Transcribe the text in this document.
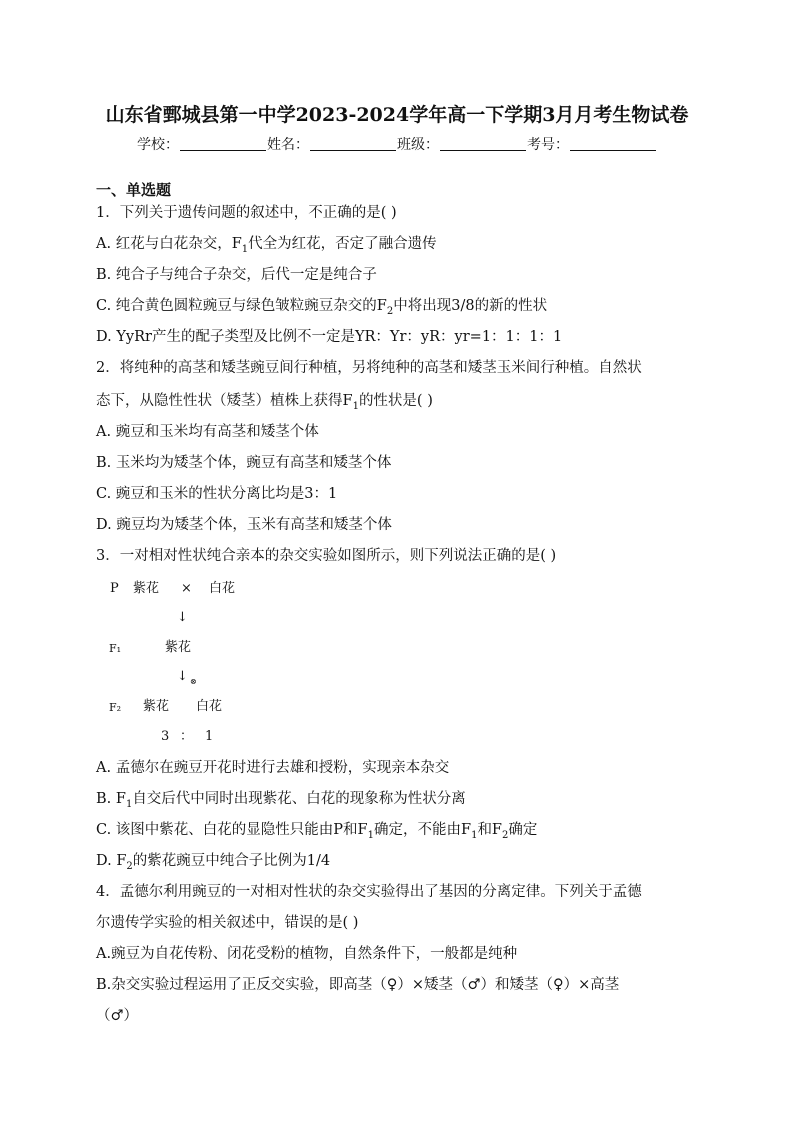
山东省鄄城县第一中学2023-2024学年高一下学期3月月考生物试卷
学校：	姓名：	班级：	考号：
一、单选题
1．下列关于遗传问题的叙述中，不正确的是( )
A. 红花与白花杂交，$F_1$代全为红花，否定了融合遗传
B. 纯合子与纯合子杂交，后代一定是纯合子
C. 纯合黄色圆粒豌豆与绿色皱粒豌豆杂交的$F_2$中将出现3/8的新的性状
D. YyRr产生的配子类型及比例不一定是YR：Yr：yR：yr=1：1：1：1
2．将纯种的高茎和矮茎豌豆间行种植，另将纯种的高茎和矮茎玉米间行种植。自然状
态下，从隐性性状（矮茎）植株上获得$F_1$的性状是( )
A. 豌豆和玉米均有高茎和矮茎个体
B. 玉米均为矮茎个体，豌豆有高茎和矮茎个体
C. 豌豆和玉米的性状分离比均是3：1
D. 豌豆均为矮茎个体，玉米有高茎和矮茎个体
3．一对相对性状纯合亲本的杂交实验如图所示，则下列说法正确的是( )
P 紫花 × 白花
↓
F₁	紫花
↓ ⊗
F₂ 紫花 白花
3 ： 1
A. 孟德尔在豌豆开花时进行去雄和授粉，实现亲本杂交
B. $F_1$自交后代中同时出现紫花、白花的现象称为性状分离
C. 该图中紫花、白花的显隐性只能由P和$F_1$确定，不能由$F_1$和$F_2$确定
D. $F_2$的紫花豌豆中纯合子比例为1/4
4．孟德尔利用豌豆的一对相对性状的杂交实验得出了基因的分离定律。下列关于孟德
尔遗传学实验的相关叙述中，错误的是( )
A.豌豆为自花传粉、闭花受粉的植物，自然条件下，一般都是纯种
B.杂交实验过程运用了正反交实验，即高茎（♀）×矮茎（♂）和矮茎（♀）×高茎
（♂）
